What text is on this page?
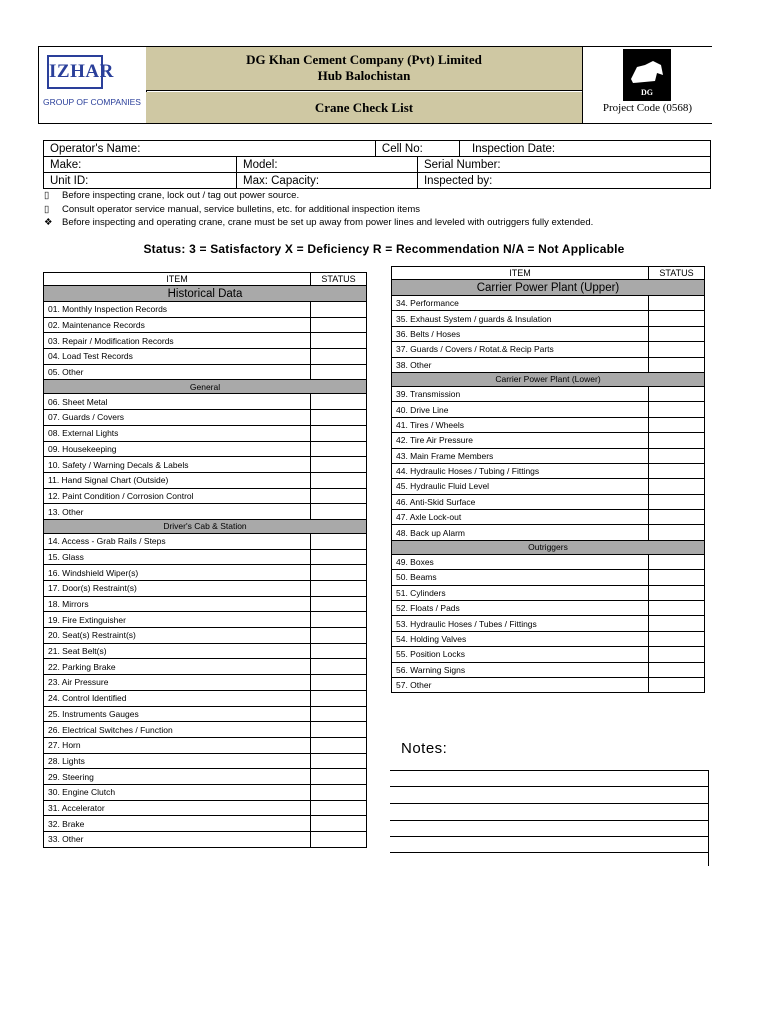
IZHAR
GROUP OF COMPANIES
DG Khan Cement Company (Pvt) Limited
Hub Balochistan
Crane Check List
DG
Project Code (0568)
Operator's Name:		Cell No:		Inspection Date:
Make:	Model:		Serial Number:	
Unit ID:	Max: Capacity:		Inspected by:	
▯ Before inspecting crane, lock out / tag out power source.
▯ Consult operator service manual, service bulletins, etc. for additional inspection items
❖ Before inspecting and operating crane, crane must be set up away from power lines and leveled with outriggers fully extended.
Status: 3 = Satisfactory X = Deficiency R = Recommendation N/A = Not Applicable
ITEM	STATUS
Historical Data	
01. Monthly Inspection Records	
02. Maintenance Records	
03. Repair / Modification Records	
04. Load Test Records	
05. Other	
General	
06. Sheet Metal	
07. Guards / Covers	
08. External Lights	
09. Housekeeping	
10. Safety / Warning Decals & Labels	
11. Hand Signal Chart (Outside)	
12. Paint Condition / Corrosion Control	
13. Other	
Driver's Cab & Station	
14. Access - Grab Rails / Steps	
15. Glass	
16. Windshield Wiper(s)	
17. Door(s) Restraint(s)	
18. Mirrors	
19. Fire Extinguisher	
20. Seat(s) Restraint(s)	
21. Seat Belt(s)	
22. Parking Brake	
23. Air Pressure	
24. Control Identified	
25. Instruments Gauges	
26. Electrical Switches / Function	
27. Horn	
28. Lights	
29. Steering	
30. Engine Clutch	
31. Accelerator	
32. Brake	
33. Other	
ITEM	STATUS
Carrier Power Plant (Upper)	
34. Performance	
35. Exhaust System / guards & Insulation	
36. Belts / Hoses	
37. Guards / Covers / Rotat.& Recip Parts	
38. Other	
Carrier Power Plant (Lower)	
39. Transmission	
40. Drive Line	
41. Tires / Wheels	
42. Tire Air Pressure	
43. Main Frame Members	
44. Hydraulic Hoses / Tubing / Fittings	
45. Hydraulic Fluid Level	
46. Anti-Skid Surface	
47. Axle Lock-out	
48. Back up Alarm	
Outriggers	
49. Boxes	
50. Beams	
51. Cylinders	
52. Floats / Pads	
53. Hydraulic Hoses / Tubes / Fittings	
54. Holding Valves	
55. Position Locks	
56. Warning Signs	
57. Other	
Notes:
